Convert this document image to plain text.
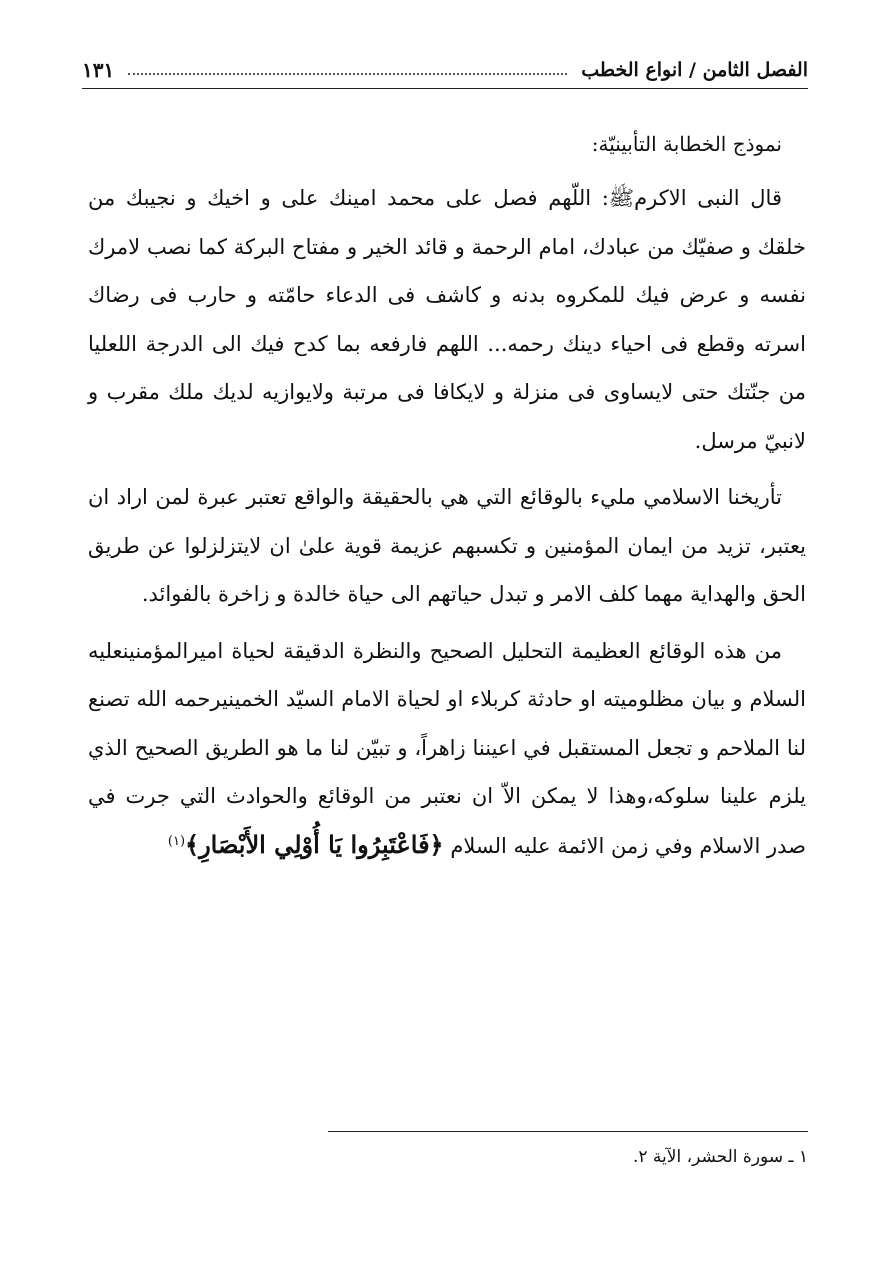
الفصل الثامن / انواع الخطب
١٣١

نموذج الخطابة التأبينيّة:

قال النبى الاكرمﷺ: اللّهم فصل على محمد امينك على و اخيك و نجيبك من خلقك و صفيّك من عبادك، امام الرحمة و قائد الخير و مفتاح البركة كما نصب لامرك نفسه و عرض فيك للمكروه بدنه و كاشف فى الدعاء حامّته و حارب فى رضاك اسرته وقطع فى احياء دينك رحمه... اللهم فارفعه بما كدح فيك الى الدرجة اللعليا من جنّتك حتى لايساوى فى منزلة و لايكافا فى مرتبة ولايوازيه لديك ملك مقرب و لانبيّ مرسل.

تأريخنا الاسلامي مليء بالوقائع التي هي بالحقيقة والواقع تعتبر عبرة لمن اراد ان يعتبر، تزيد من ايمان المؤمنين و تكسبهم عزيمة قوية علىٰ ان لايتزلزلوا عن طريق الحق والهداية مهما كلف الامر و تبدل حياتهم الى حياة خالدة و زاخرة بالفوائد.

من هذه الوقائع العظيمة التحليل الصحيح والنظرة الدقيقة لحياة اميرالمؤمنين‏عليه السلام و بيان مظلوميته او حادثة كربلاء او لحياة الامام السيّد الخميني‏رحمه الله تصنع لنا الملاحم و تجعل المستقبل في اعيننا زاهراً، و تبيّن لنا ما هو الطريق الصحيح الذي يلزم علينا سلوكه،وهذا لا يمكن الاّ ان نعتبر من الوقائع والحوادث التي جرت في صدر الاسلام وفي زمن الائمة عليه السلام ﴿فَاعْتَبِرُوا يَا أُوْلِي الأَبْصَارِ﴾$^{(١)}$

١ ـ سورة الحشر، الآية ٢.
